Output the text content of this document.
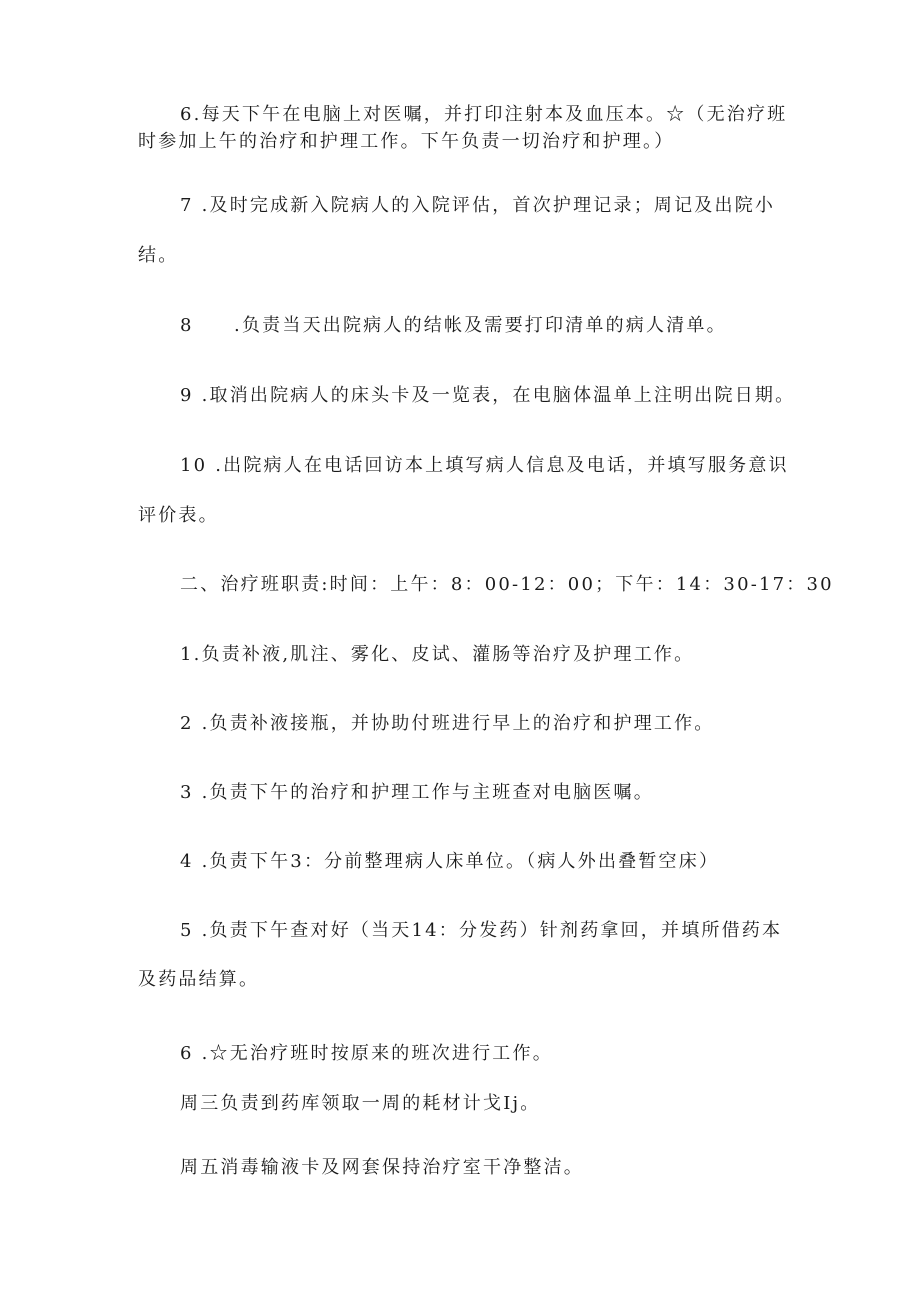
6.每天下午在电脑上对医嘱，并打印注射本及血压本。☆（无治疗班
时参加上午的治疗和护理工作。下午负责一切治疗和护理。）
7 .及时完成新入院病人的入院评估，首次护理记录；周记及出院小
结。
8　　.负责当天出院病人的结帐及需要打印清单的病人清单。
9 .取消出院病人的床头卡及一览表，在电脑体温单上注明出院日期。
10 .出院病人在电话回访本上填写病人信息及电话，并填写服务意识
评价表。
二、治疗班职责:时间：上午：8：00-12：00；下午：14：30-17：30
1.负责补液,肌注、雾化、皮试、灌肠等治疗及护理工作。
2 .负责补液接瓶，并协助付班进行早上的治疗和护理工作。
3 .负责下午的治疗和护理工作与主班查对电脑医嘱。
4 .负责下午3：分前整理病人床单位。（病人外出叠暂空床）
5 .负责下午查对好（当天14：分发药）针剂药拿回，并填所借药本
及药品结算。
6 .☆无治疗班时按原来的班次进行工作。
周三负责到药库领取一周的耗材计戈Ij。
周五消毒输液卡及网套保持治疗室干净整洁。
